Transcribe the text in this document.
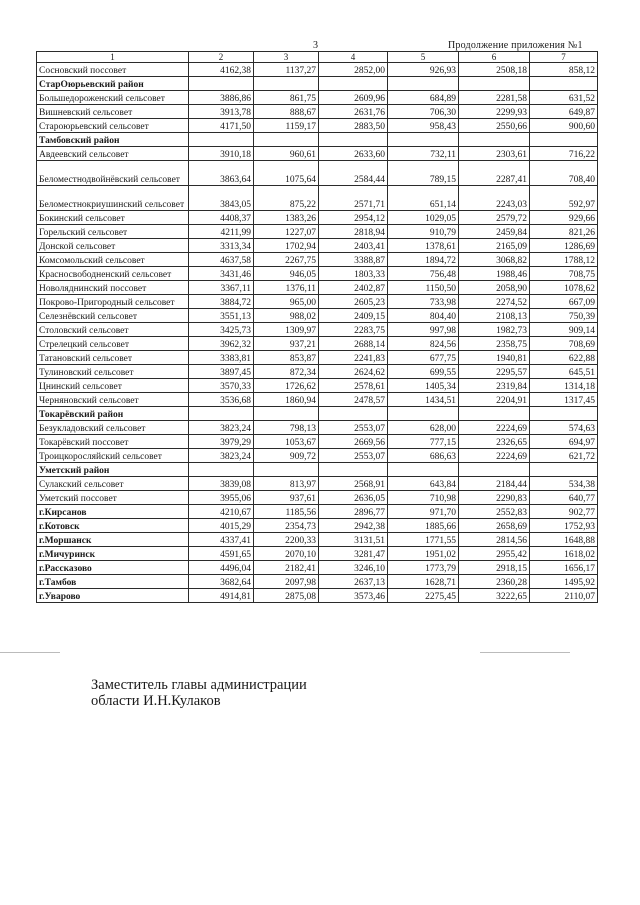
3	Продолжение приложения №1
1	2	3	4	5	6	7
Сосновский поссовет	4162,38	1137,27	2852,00	926,93	2508,18	858,12
СтарОюрьевский район						
Большедороженский сельсовет	3886,86	861,75	2609,96	684,89	2281,58	631,52
Вишневский сельсовет	3913,78	888,67	2631,76	706,30	2299,93	649,87
Староюрьевский сельсовет	4171,50	1159,17	2883,50	958,43	2550,66	900,60
Тамбовский район						
Авдеевский сельсовет	3910,18	960,61	2633,60	732,11	2303,61	716,22
Беломестнодвойнёвский сельсовет	3863,64	1075,64	2584,44	789,15	2287,41	708,40
Беломестнокриушинский сельсовет	3843,05	875,22	2571,71	651,14	2243,03	592,97
Бокинский сельсовет	4408,37	1383,26	2954,12	1029,05	2579,72	929,66
Горельский сельсовет	4211,99	1227,07	2818,94	910,79	2459,84	821,26
Донской сельсовет	3313,34	1702,94	2403,41	1378,61	2165,09	1286,69
Комсомольский сельсовет	4637,58	2267,75	3388,87	1894,72	3068,82	1788,12
Красносвободненский сельсовет	3431,46	946,05	1803,33	756,48	1988,46	708,75
Новоляднинский поссовет	3367,11	1376,11	2402,87	1150,50	2058,90	1078,62
Покрово-Пригородный сельсовет	3884,72	965,00	2605,23	733,98	2274,52	667,09
Селезнёвский сельсовет	3551,13	988,02	2409,15	804,40	2108,13	750,39
Столовский сельсовет	3425,73	1309,97	2283,75	997,98	1982,73	909,14
Стрелецкий сельсовет	3962,32	937,21	2688,14	824,56	2358,75	708,69
Татановский сельсовет	3383,81	853,87	2241,83	677,75	1940,81	622,88
Тулиновский сельсовет	3897,45	872,34	2624,62	699,55	2295,57	645,51
Цнинский сельсовет	3570,33	1726,62	2578,61	1405,34	2319,84	1314,18
Черняновский сельсовет	3536,68	1860,94	2478,57	1434,51	2204,91	1317,45
Токарёвский район						
Безукладовский сельсовет	3823,24	798,13	2553,07	628,00	2224,69	574,63
Токарёвский поссовет	3979,29	1053,67	2669,56	777,15	2326,65	694,97
Троицкоросляйский сельсовет	3823,24	909,72	2553,07	686,63	2224,69	621,72
Уметский район						
Сулакский сельсовет	3839,08	813,97	2568,91	643,84	2184,44	534,38
Уметский поссовет	3955,06	937,61	2636,05	710,98	2290,83	640,77
г.Кирсанов	4210,67	1185,56	2896,77	971,70	2552,83	902,77
г.Котовск	4015,29	2354,73	2942,38	1885,66	2658,69	1752,93
г.Моршанск	4337,41	2200,33	3131,51	1771,55	2814,56	1648,88
г.Мичуринск	4591,65	2070,10	3281,47	1951,02	2955,42	1618,02
г.Рассказово	4496,04	2182,41	3246,10	1773,79	2918,15	1656,17
г.Тамбов	3682,64	2097,98	2637,13	1628,71	2360,28	1495,92
г.Уварово	4914,81	2875,08	3573,46	2275,45	3222,65	2110,07
Заместитель главы администрации
области И.Н.Кулаков
